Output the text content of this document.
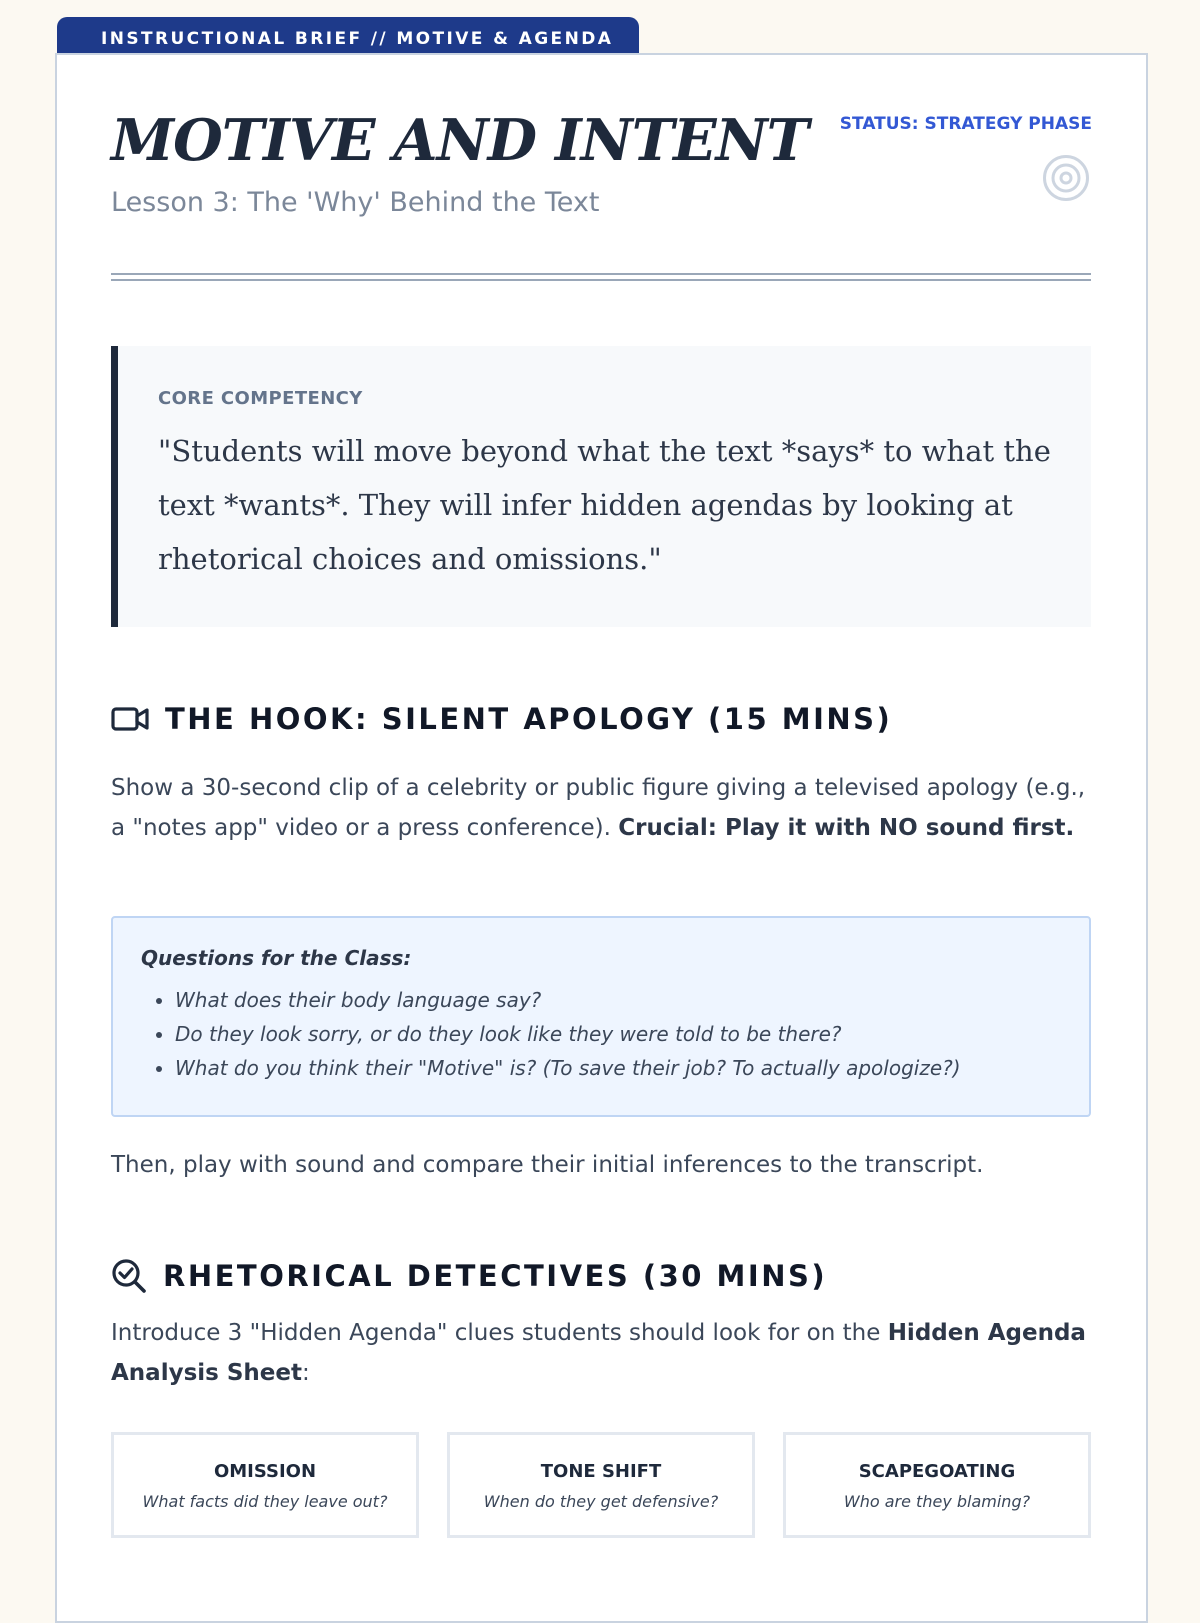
INSTRUCTIONAL BRIEF // MOTIVE & AGENDA
MOTIVE AND INTENT
Lesson 3: The 'Why' Behind the Text
STATUS: STRATEGY PHASE
CORE COMPETENCY
"Students will move beyond what the text *says* to what the text *wants*. They will infer hidden agendas by looking at rhetorical choices and omissions."
THE HOOK: SILENT APOLOGY (15 MINS)
Show a 30-second clip of a celebrity or public figure giving a televised apology (e.g., a "notes app" video or a press conference). Crucial: Play it with NO sound first.
Questions for the Class:
• What does their body language say?
• Do they look sorry, or do they look like they were told to be there?
• What do you think their "Motive" is? (To save their job? To actually apologize?)
Then, play with sound and compare their initial inferences to the transcript.
RHETORICAL DETECTIVES (30 MINS)
Introduce 3 "Hidden Agenda" clues students should look for on the Hidden Agenda Analysis Sheet:
OMISSION
What facts did they leave out?
TONE SHIFT
When do they get defensive?
SCAPEGOATING
Who are they blaming?
